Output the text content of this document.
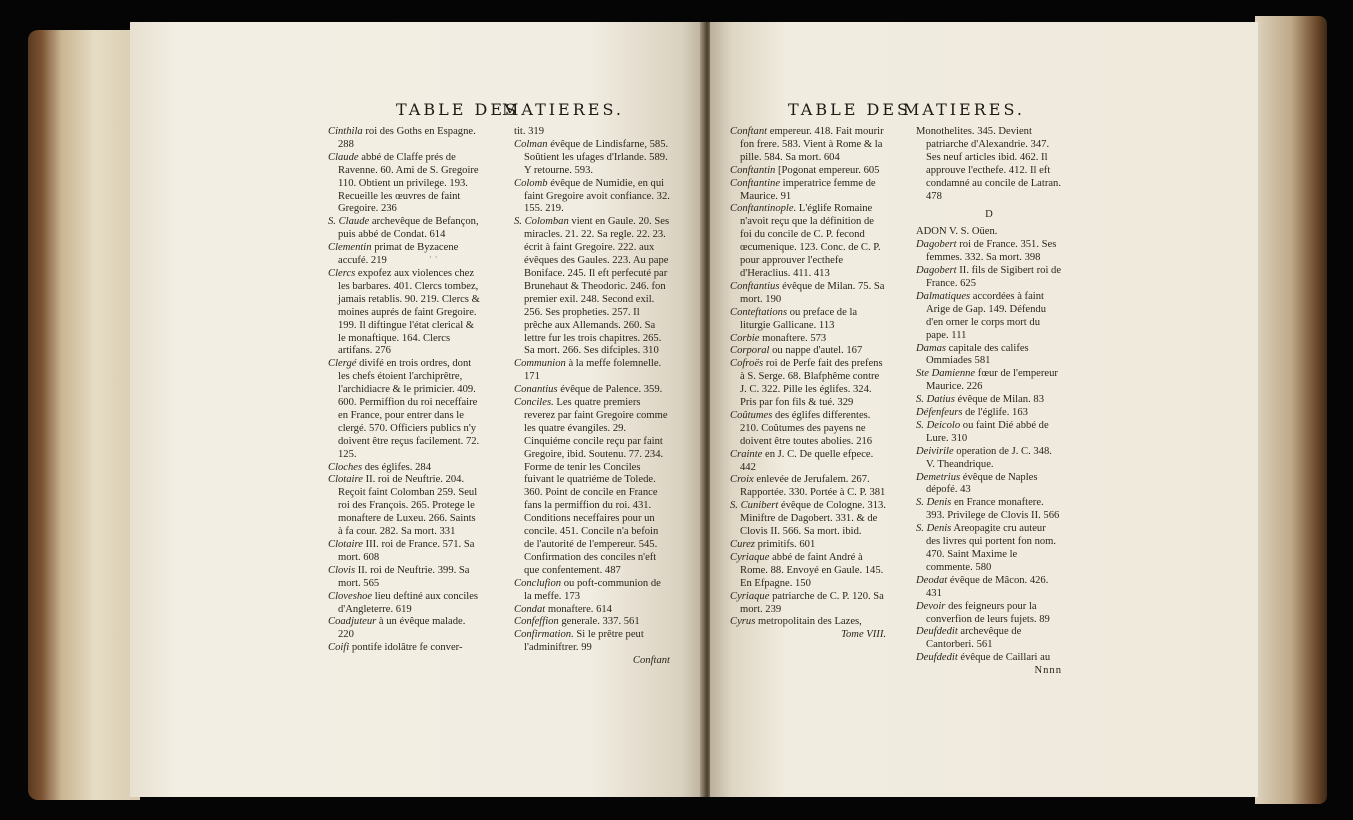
TABLE DES
MATIERES.

Cinthila roi des Goths en Espagne. 288

Claude abbé de Claffe prés de Ravenne. 60. Ami de S. Gregoire 110. Obtient un privilege. 193. Recueille les œuvres de faint Gregoire. 236

S. Claude archevêque de Befançon, puis abbé de Condat. 614

Clementin primat de Byzacene accufé. 219

Clercs expofez aux violences chez les barbares. 401. Clercs tombez, jamais retablis. 90. 219. Clercs & moines auprés de faint Gregoire. 199. Il diftingue l'état clerical & le monaftique. 164. Clercs artifans. 276

Clergé divifé en trois ordres, dont les chefs étoient l'archiprêtre, l'archidiacre & le primicier. 409. 600. Permiffion du roi neceffaire en France, pour entrer dans le clergé. 570. Officiers publics n'y doivent être reçus facilement. 72. 125.

Cloches des églifes. 284

Clotaire II. roi de Neuftrie. 204. Reçoit faint Colomban 259. Seul roi des François. 265. Protege le monaftere de Luxeu. 266. Saints à fa cour. 282. Sa mort. 331

Clotaire III. roi de France. 571. Sa mort. 608

Clovis II. roi de Neuftrie. 399. Sa mort. 565

Cloveshoe lieu deftiné aux conciles d'Angleterre. 619

Coadjuteur à un évêque malade. 220

Coifi pontife idolâtre fe conver-

tit. 319

Colman évêque de Lindisfarne, 585. Soûtient les ufages d'Irlande. 589. Y retourne. 593.

Colomb évêque de Numidie, en qui faint Gregoire avoit confiance. 32. 155. 219.

S. Colomban vient en Gaule. 20. Ses miracles. 21. 22. Sa regle. 22. 23. écrit à faint Gregoire. 222. aux évêques des Gaules. 223. Au pape Boniface. 245. Il eft perfecuté par Brunehaut & Theodoric. 246. fon premier exil. 248. Second exil. 256. Ses propheties. 257. Il prêche aux Allemands. 260. Sa lettre fur les trois chapitres. 265. Sa mort. 266. Ses difciples. 310

Communion à la meffe folemnelle. 171

Conantius évêque de Palence. 359.

Conciles. Les quatre premiers reverez par faint Gregoire comme les quatre évangiles. 29. Cinquiéme concile reçu par faint Gregoire, ibid. Soutenu. 77. 234. Forme de tenir les Conciles fuivant le quatriéme de Tolede. 360. Point de concile en France fans la permiffion du roi. 431. Conditions neceffaires pour un concile. 451. Concile n'a befoin de l'autorité de l'empereur. 545. Confirmation des conciles n'eft que confentement. 487

Conclufion ou poft-communion de la meffe. 173

Condat monaftere. 614

Confeffion generale. 337. 561

Confirmation. Si le prêtre peut l'adminiftrer. 99

Conftant

· ·
TABLE DES
MATIERES.

Conftant empereur. 418. Fait mourir fon frere. 583. Vient à Rome & la pille. 584. Sa mort. 604

Conftantin [Pogonat empereur. 605

Conftantine imperatrice femme de Maurice. 91

Conftantinople. L'églife Romaine n'avoit reçu que la définition de foi du concile de C. P. fecond œcumenique. 123. Conc. de C. P. pour approuver l'ecthefe d'Heraclius. 411. 413

Conftantius évêque de Milan. 75. Sa mort. 190

Conteftations ou preface de la liturgie Gallicane. 113

Corbie monaftere. 573

Corporal ou nappe d'autel. 167

Cofroës roi de Perfe fait des prefens à S. Serge. 68. Blafphême contre J. C. 322. Pille les églifes. 324. Pris par fon fils & tué. 329

Coûtumes des églifes differentes. 210. Coûtumes des payens ne doivent être toutes abolies. 216

Crainte en J. C. De quelle efpece. 442

Croix enlevée de Jerufalem. 267. Rapportée. 330. Portée à C. P. 381

S. Cunibert évêque de Cologne. 313. Miniftre de Dagobert. 331. & de Clovis II. 566. Sa mort. ibid.

Curez primitifs. 601

Cyriaque abbé de faint André à Rome. 88. Envoyé en Gaule. 145. En Efpagne. 150

Cyriaque patriarche de C. P. 120. Sa mort. 239

Cyrus metropolitain des Lazes,

Tome VIII.

Monothelites. 345. Devient patriarche d'Alexandrie. 347. Ses neuf articles ibid. 462. Il approuve l'ecthefe. 412. Il eft condamné au concile de Latran. 478

D

ADON V. S. Oüen.

Dagobert roi de France. 351. Ses femmes. 332. Sa mort. 398

Dagobert II. fils de Sigibert roi de France. 625

Dalmatiques accordées à faint Arige de Gap. 149. Défendu d'en orner le corps mort du pape. 111

Damas capitale des califes Ommiades 581

Ste Damienne fœur de l'empereur Maurice. 226

S. Datius évêque de Milan. 83

Défenfeurs de l'églife. 163

S. Deicolo ou faint Dié abbé de Lure. 310

Deivirile operation de J. C. 348. V. Theandrique.

Demetrius évêque de Naples dépofé. 43

S. Denis en France monaftere. 393. Privilege de Clovis II. 566

S. Denis Areopagite cru auteur des livres qui portent fon nom. 470. Saint Maxime le commente. 580

Deodat évêque de Mâcon. 426. 431

Devoir des feigneurs pour la converfion de leurs fujets. 89

Deufdedit archevêque de Cantorberi. 561

Deufdedit évêque de Caillari au

Nnnn
